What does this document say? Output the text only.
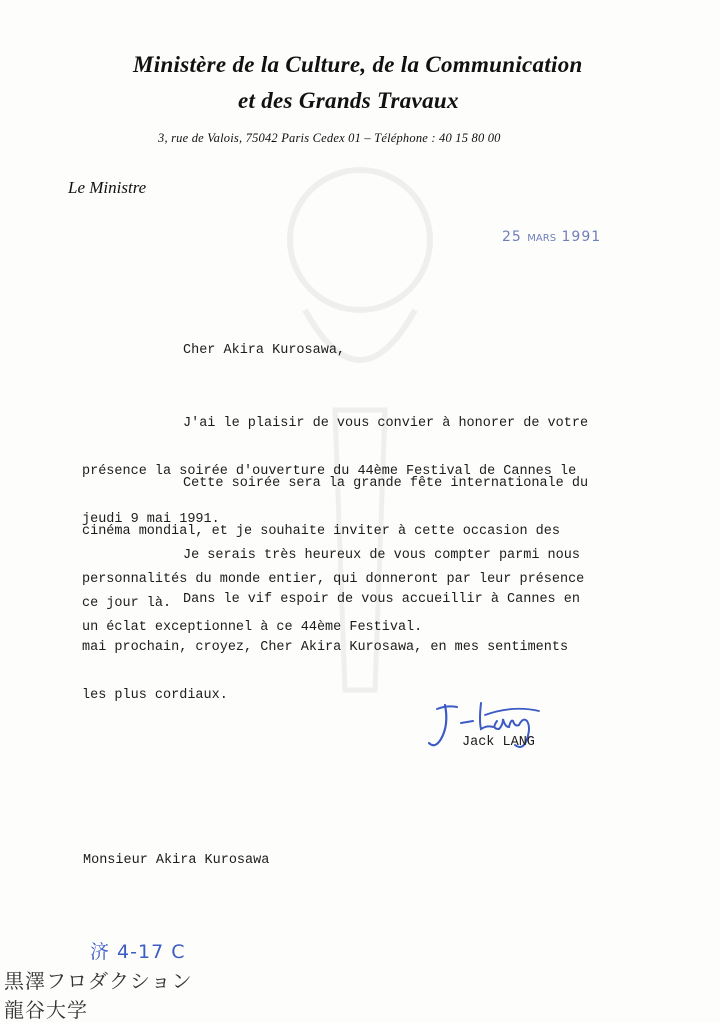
Ministère de la Culture, de la Communication
et des Grands Travaux
3, rue de Valois, 75042 Paris Cedex 01 – Téléphone : 40 15 80 00
Le Ministre
25 MARS 1991
Cher Akira Kurosawa,

J'ai le plaisir de vous convier à honorer de votre

présence la soirée d'ouverture du 44ème Festival de Cannes le

jeudi 9 mai 1991.

Cette soirée sera la grande fête internationale du

cinéma mondial, et je souhaite inviter à cette occasion des

personnalités du monde entier, qui donneront par leur présence

un éclat exceptionnel à ce 44ème Festival.

Je serais très heureux de vous compter parmi nous

ce jour là.

Dans le vif espoir de vous accueillir à Cannes en

mai prochain, croyez, Cher Akira Kurosawa, en mes sentiments

les plus cordiaux.

Jack LANG
Monsieur Akira Kurosawa
济 4-17 C
黒澤フロダクション
龍谷大学
